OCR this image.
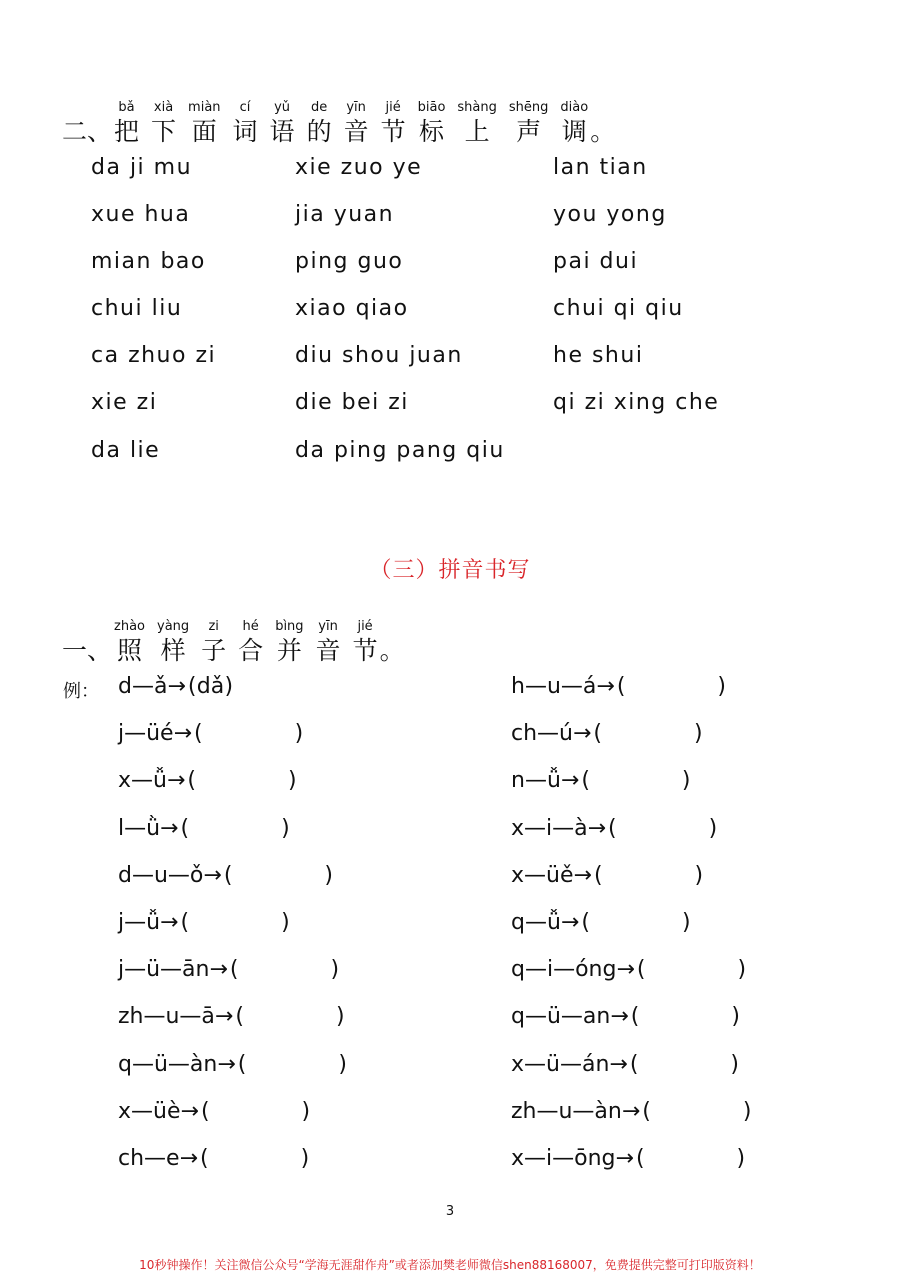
二、
bǎ
把
xià
下
miàn
面
cí
词
yǔ
语
de
的
yīn
音
jié
节
biāo
标
shàng
上
shēng
声
diào
调 。
da ji mu	xie zuo ye	lan tian
xue hua	jia yuan	you yong
mian bao	ping guo	pai dui
chui liu	xiao qiao	chui qi qiu
ca zhuo zi	diu shou juan	he shui
xie zi	die bei zi	qi zi xing che
da lie	da ping pang qiu
（三）拼音书写
一、
zhào
照
yàng
样
zi
子
hé
合
bìng
并
yīn
音
jié
节 。
例： d—ǎ→ ( dǎ )
j—üé→ (	)
x—ǚ→ (	)
l—ǜ→ (	)
d—u—ǒ→ (	)
j—ǚ→ (	)
j—ü—ān→ (	)
zh—u—ā→ (	)
q—ü—àn→ (	)
x—üè→ (	)
ch—e→ (	)
h—u—á→ (	)
ch—ú→ (	)
n—ǚ→ (	)
x—i—à→ (	)
x—üě→ (	)
q—ǚ→ (	)
q—i—óng→ (	)
q—ü—an→ (	)
x—ü—án→ (	)
zh—u—àn→ (	)
x—i—ōng→ (	)
3
10秒钟操作！关注微信公众号“学海无涯甜作舟”或者添加樊老师微信shen88168007，免费提供完整可打印版资料！
